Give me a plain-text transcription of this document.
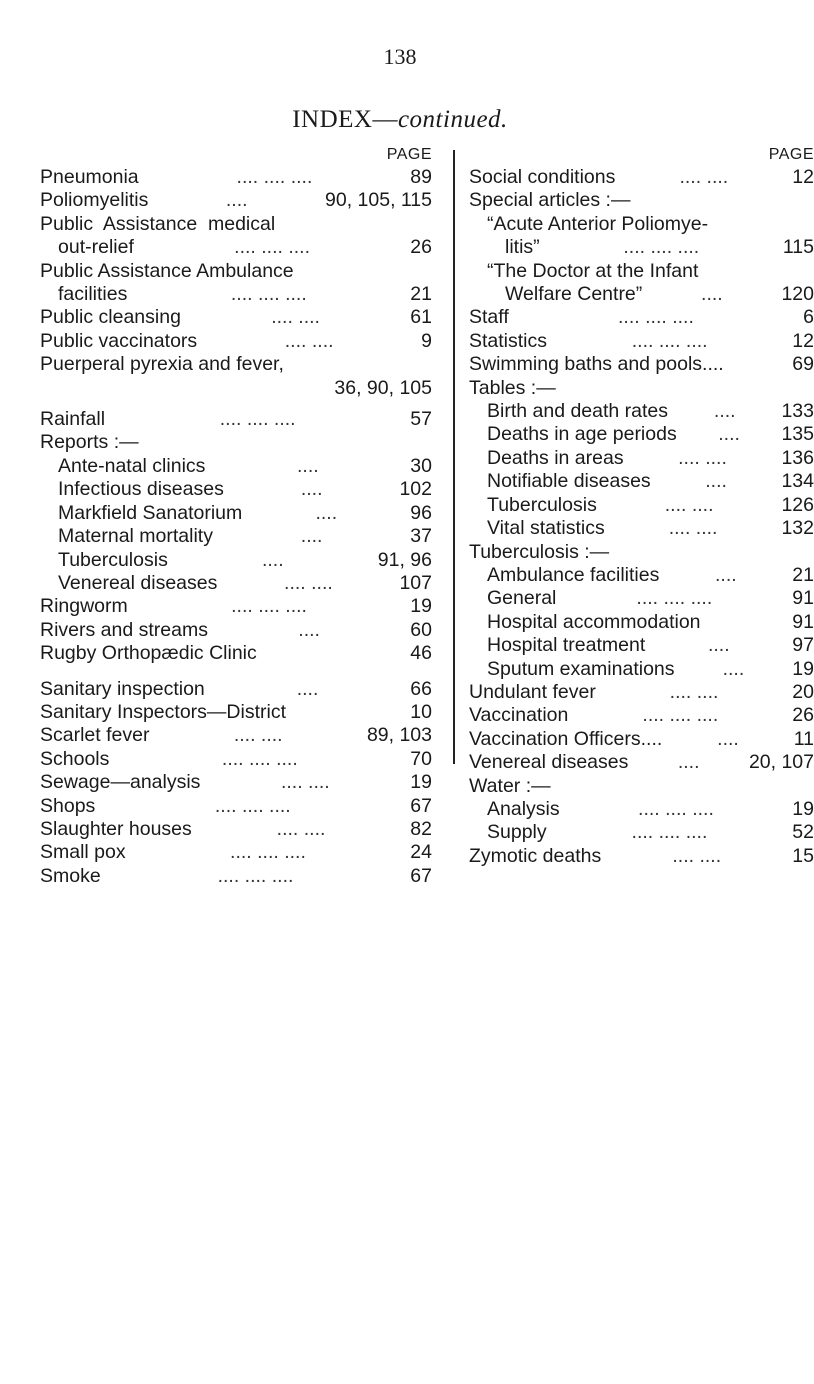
138
INDEX—continued.
PAGE
Pneumonia	.... .... ....	89
Poliomyelitis	....	90, 105, 115
Public  Assistance  medical
out-relief	.... .... ....	26
Public Assistance Ambulance
facilities	.... .... ....	21
Public cleansing	.... ....	61
Public vaccinators	.... ....	9
Puerperal pyrexia and fever,
36, 90, 105
Rainfall	.... .... ....	57
Reports :—
Ante-natal clinics	....	30
Infectious diseases	....	102
Markfield Sanatorium	....	96
Maternal mortality	....	37
Tuberculosis	....	91, 96
Venereal diseases	.... ....	107
Ringworm	.... .... ....	19
Rivers and streams	....	60
Rugby Orthopædic Clinic	46
Sanitary inspection	....	66
Sanitary Inspectors—District	10
Scarlet fever	.... ....	89, 103
Schools	.... .... ....	70
Sewage—analysis	.... ....	19
Shops	.... .... ....	67
Slaughter houses	.... ....	82
Small pox	.... .... ....	24
Smoke	.... .... ....	67
PAGE
Social conditions	.... ....	12
Special articles :—
“Acute Anterior Poliomye-
litis”	.... .... ....	115
“The Doctor at the Infant
Welfare Centre”	....	120
Staff	.... .... ....	6
Statistics	.... .... ....	12
Swimming baths and pools....	69
Tables :—
Birth and death rates	....	133
Deaths in age periods	....	135
Deaths in areas	.... ....	136
Notifiable diseases	....	134
Tuberculosis	.... ....	126
Vital statistics	.... ....	132
Tuberculosis :—
Ambulance facilities	....	21
General	.... .... ....	91
Hospital accommodation	91
Hospital treatment	....	97
Sputum examinations	....	19
Undulant fever	.... ....	20
Vaccination	.... .... ....	26
Vaccination Officers....	....	11
Venereal diseases	....	20, 107
Water :—
Analysis	.... .... ....	19
Supply	.... .... ....	52
Zymotic deaths	.... ....	15
